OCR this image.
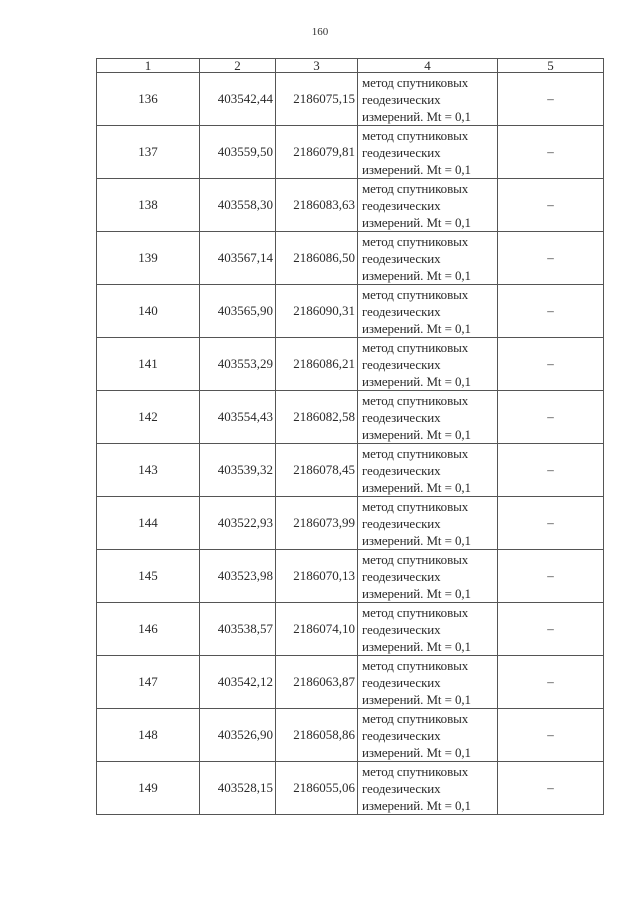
160
1	2	3	4	5
136	403542,44	2186075,15	метод спутниковых
геодезических
измерений. Mt = 0,1	–
137	403559,50	2186079,81	метод спутниковых
геодезических
измерений. Mt = 0,1	–
138	403558,30	2186083,63	метод спутниковых
геодезических
измерений. Mt = 0,1	–
139	403567,14	2186086,50	метод спутниковых
геодезических
измерений. Mt = 0,1	–
140	403565,90	2186090,31	метод спутниковых
геодезических
измерений. Mt = 0,1	–
141	403553,29	2186086,21	метод спутниковых
геодезических
измерений. Mt = 0,1	–
142	403554,43	2186082,58	метод спутниковых
геодезических
измерений. Mt = 0,1	–
143	403539,32	2186078,45	метод спутниковых
геодезических
измерений. Mt = 0,1	–
144	403522,93	2186073,99	метод спутниковых
геодезических
измерений. Mt = 0,1	–
145	403523,98	2186070,13	метод спутниковых
геодезических
измерений. Mt = 0,1	–
146	403538,57	2186074,10	метод спутниковых
геодезических
измерений. Mt = 0,1	–
147	403542,12	2186063,87	метод спутниковых
геодезических
измерений. Mt = 0,1	–
148	403526,90	2186058,86	метод спутниковых
геодезических
измерений. Mt = 0,1	–
149	403528,15	2186055,06	метод спутниковых
геодезических
измерений. Mt = 0,1	–
